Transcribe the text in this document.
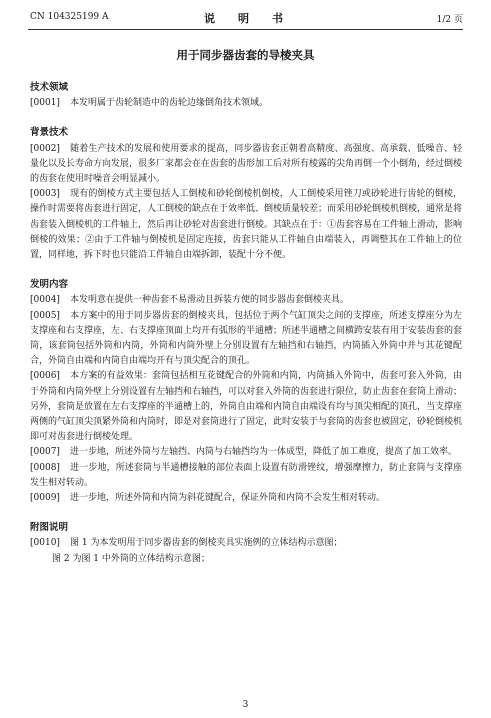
CN 104325199 A	说　明　书	1/2 页
用于同步器齿套的导棱夹具

技术领域

[0001] 本发明属于齿轮制造中的齿轮边缘倒角技术领域。

背景技术

[0002] 随着生产技术的发展和使用要求的提高，同步器齿套正朝着高精度、高强度、高承载、低噪音、轻量化以及长寿命方向发展，很多厂家都会在在齿套的齿形加工后对所有棱露的尖角再倒一个小倒角，经过倒棱的齿套在使用时噪音会明显减小。

[0003] 现有的倒棱方式主要包括人工倒棱和砂轮倒棱机倒棱，人工倒棱采用锉刀或砂轮进行齿轮的倒棱，操作时需要将齿套进行固定，人工倒棱的缺点在于效率低、倒棱质量较差；而采用砂轮倒棱机倒棱，通常是将齿套装入倒棱机的工件轴上，然后再让砂轮对齿套进行倒棱。其缺点在于：①齿套容易在工件轴上滑动，影响倒棱的效果；②由于工件轴与倒棱机是固定连接，齿套只能从工件轴自由端装入，再调整其在工件轴上的位置，同样地，拆下时也只能沿工件轴自由端拆卸，装配十分不便。

发明内容

[0004] 本发明意在提供一种齿套不易滑动且拆装方便的同步器齿套倒棱夹具。

[0005] 本方案中的用于同步器齿套的倒棱夹具，包括位于两个气缸顶尖之间的支撑座，所述支撑座分为左支撑座和右支撑座，左、右支撑座顶面上均开有弧形的半通槽；所述半通槽之间横跨安装有用于安装齿套的套筒，该套筒包括外筒和内筒，外筒和内筒外壁上分别设置有左轴挡和右轴挡，内筒插入外筒中并与其花键配合，外筒自由端和内筒自由端均开有与顶尖配合的顶孔。

[0006] 本方案的有益效果：套筒包括相互花键配合的外筒和内筒，内筒插入外筒中，齿套可套入外筒，由于外筒和内筒外壁上分别设置有左轴挡和右轴挡，可以对套入外筒的齿套进行限位，防止齿套在套筒上滑动；另外，套筒是放置在左右支撑座的半通槽上的，外筒自由端和内筒自由端设有均与顶尖相配的顶孔，当支撑座两侧的气缸顶尖顶紧外筒和内筒时，即是对套筒进行了固定，此时安装于与套筒的齿套也被固定，砂轮倒棱机即可对齿套进行倒棱处理。

[0007] 进一步地，所述外筒与左轴挡、内筒与右轴挡均为一体成型，降低了加工难度，提高了加工效率。

[0008] 进一步地，所述套筒与半通槽接触的部位表面上设置有防滑锉纹，增强摩擦力，防止套筒与支撑座发生相对转动。

[0009] 进一步地，所述外筒和内筒为斜花键配合，保证外筒和内筒不会发生相对转动。

附图说明

[0010] 图 1 为本发明用于同步器齿套的倒棱夹具实施例的立体结构示意图；

图 2 为图 1 中外筒的立体结构示意图；

3
